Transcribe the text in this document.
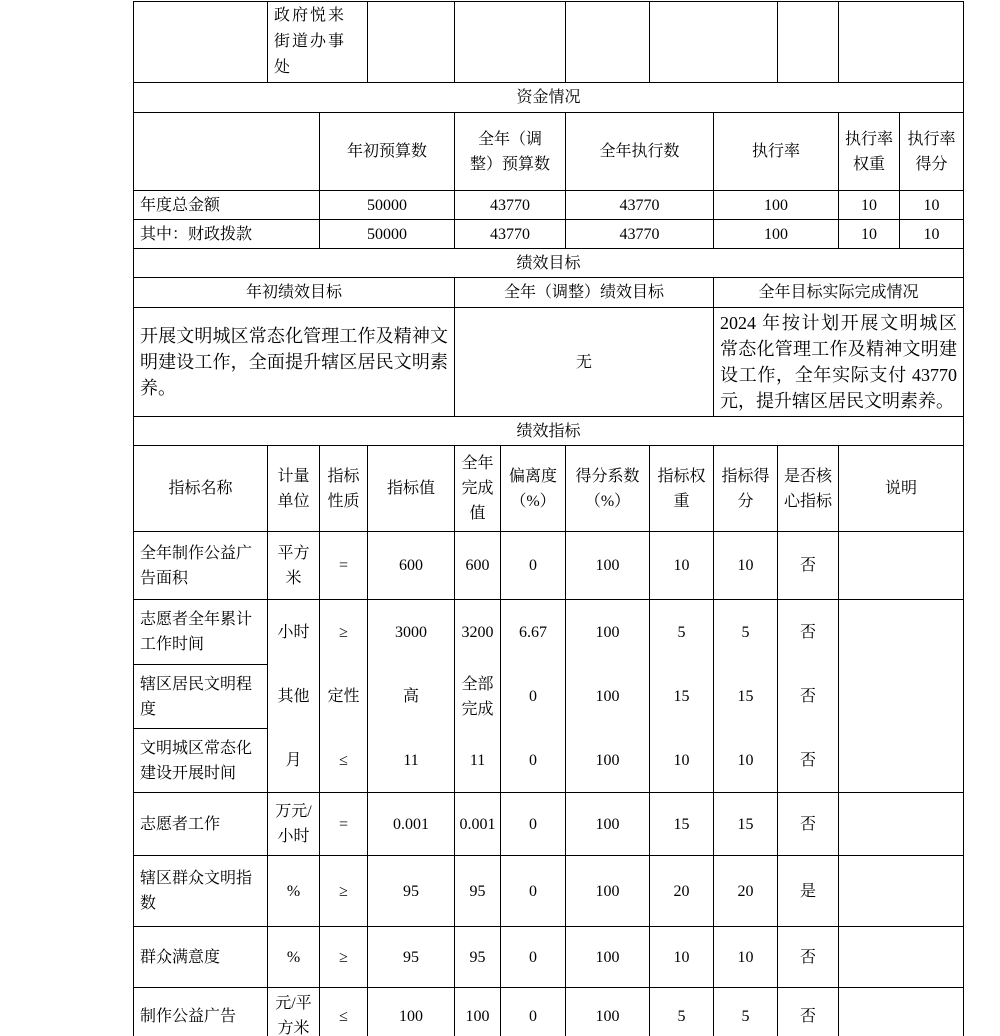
	政府悦来街道办事处										
资金情况											
		年初预算数		全年（调整）预算数		全年执行数		执行率		执行率权重	执行率得分
年度总金额		50000		43770		43770		100		10	10
其中：财政拨款		50000		43770		43770		100		10	10
绩效目标											
年初绩效目标				全年（调整）绩效目标				全年目标实际完成情况			
开展文明城区常态化管理工作及精神文明建设工作，全面提升辖区居民文明素养。				无				2024 年按计划开展文明城区常态化管理工作及精神文明建设工作，全年实际支付 43770 元，提升辖区居民文明素养。			
绩效指标											
指标名称	计量单位	指标性质	指标值	全年完成值	偏离度（%）	得分系数（%）	指标权重	指标得分	是否核心指标	说明	
全年制作公益广告面积	平方米	=	600	600	0	100	10	10	否		
志愿者全年累计工作时间	小时	≥	3000	3200	6.67	100	5	5	否		
辖区居民文明程度	其他	定性	高	全部完成	0	100	15	15	否		
文明城区常态化建设开展时间	月	≤	11	11	0	100	10	10	否		
志愿者工作	万元/小时	=	0.001	0.001	0	100	15	15	否		
辖区群众文明指数	%	≥	95	95	0	100	20	20	是		
群众满意度	%	≥	95	95	0	100	10	10	否		
制作公益广告	元/平方米	≤	100	100	0	100	5	5	否		
